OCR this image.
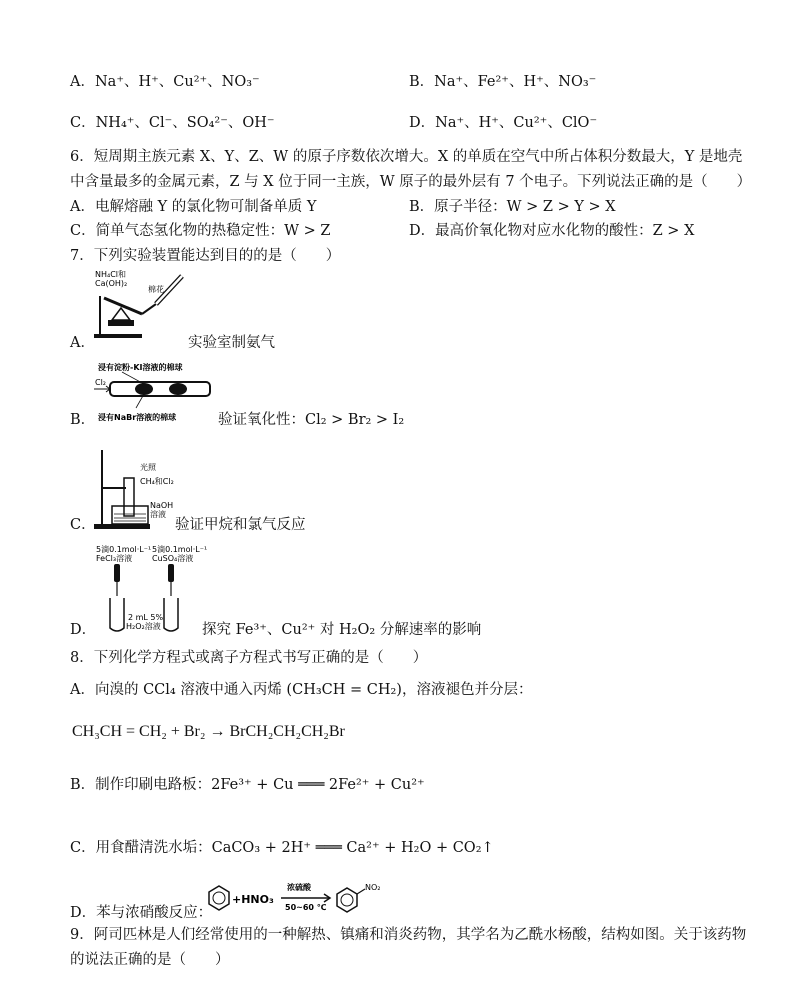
A．Na⁺、H⁺、Cu²⁺、NO₃⁻	B．Na⁺、Fe²⁺、H⁺、NO₃⁻
C．NH₄⁺、Cl⁻、SO₄²⁻、OH⁻	D．Na⁺、H⁺、Cu²⁺、ClO⁻
6．短周期主族元素 X、Y、Z、W 的原子序数依次增大。X 的单质在空气中所占体积分数最大，Y 是地壳
中含量最多的金属元素，Z 与 X 位于同一主族，W 原子的最外层有 7 个电子。下列说法正确的是（　　）
A．电解熔融 Y 的氯化物可制备单质 Y	B．原子半径：W > Z > Y > X
C．简单气态氢化物的热稳定性：W > Z	D．最高价氧化物对应水化物的酸性：Z > X
7．下列实验装置能达到目的的是（　　）
NH₄Cl和
Ca(OH)₂
棉花
A．	实验室制氨气
浸有淀粉-KI溶液的棉球
Cl₂
浸有NaBr溶液的棉球
B．	验证氧化性：Cl₂ > Br₂ > I₂
光照
CH₄和Cl₂
NaOH
溶液
C．	验证甲烷和氯气反应
5滴0.1mol·L⁻¹
FeCl₃溶液
5滴0.1mol·L⁻¹
CuSO₄溶液
2 mL 5%
H₂O₂溶液
D．	探究 Fe³⁺、Cu²⁺ 对 H₂O₂ 分解速率的影响
8．下列化学方程式或离子方程式书写正确的是（　　）
A．向溴的 CCl₄ 溶液中通入丙烯 (CH₃CH = CH₂)，溶液褪色并分层：
CH₃CH = CH₂ + Br₂ → BrCH₂CH₂CH₂Br
B．制作印刷电路板：2Fe³⁺ + Cu ═══ 2Fe²⁺ + Cu²⁺
C．用食醋清洗水垢：CaCO₃ + 2H⁺ ═══ Ca²⁺ + H₂O + CO₂↑
D．苯与浓硝酸反应：
+HNO₃
浓硫酸
50~60 ℃
NO₂
9．阿司匹林是人们经常使用的一种解热、镇痛和消炎药物，其学名为乙酰水杨酸，结构如图。关于该药物
的说法正确的是（　　）
